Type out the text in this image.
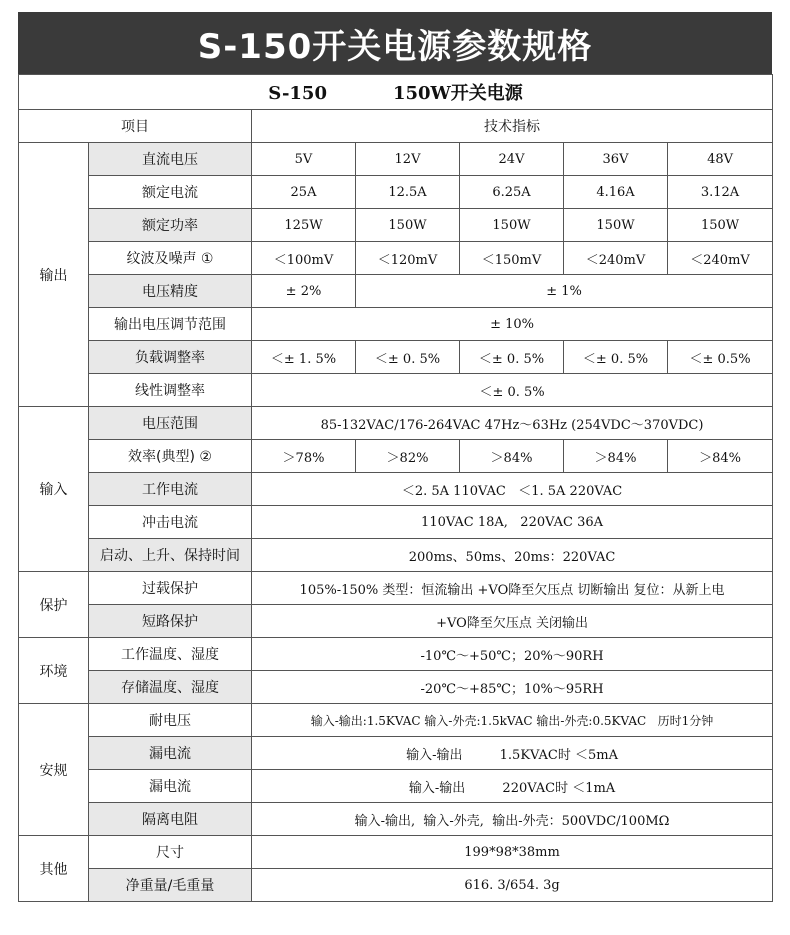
S-150开关电源参数规格
S-150 150W开关电源						
项目		技术指标				
输出	直流电压	5V	12V	24V	36V	48V
	额定电流	25A	12.5A	6.25A	4.16A	3.12A
	额定功率	125W	150W	150W	150W	150W
	纹波及噪声 ①	＜100mV	＜120mV	＜150mV	＜240mV	＜240mV
	电压精度	± 2%	± 1%			
	输出电压调节范围	± 10%				
	负载调整率	＜± 1. 5%	＜± 0. 5%	＜± 0. 5%	＜± 0. 5%	＜± 0.5%
	线性调整率	＜± 0. 5%				
输入	电压范围	85-132VAC/176-264VAC 47Hz～63Hz (254VDC～370VDC)				
	效率(典型) ②	＞78%	＞82%	＞84%	＞84%	＞84%
	工作电流	＜2. 5A 110VAC   ＜1. 5A 220VAC				
	冲击电流	110VAC 18A,   220VAC 36A				
	启动、上升、保持时间	200ms、50ms、20ms：220VAC				
保护	过载保护	105%-150% 类型：恒流输出 +VO降至欠压点 切断输出 复位：从新上电				
	短路保护	+VO降至欠压点 关闭输出				
环境	工作温度、湿度	-10℃～+50℃；20%～90RH				
	存储温度、湿度	-20℃～+85℃；10%～95RH				
安规	耐电压	输入-输出:1.5KVAC 输入-外壳:1.5kVAC 输出-外壳:0.5KVAC   历时1分钟				
	漏电流	输入-输出         1.5KVAC时 ＜5mA				
	漏电流	输入-输出         220VAC时 ＜1mA				
	隔离电阻	输入-输出,  输入-外壳,  输出-外壳：500VDC/100MΩ				
其他	尺寸	199*98*38mm				
	净重量/毛重量	616. 3/654. 3g				
